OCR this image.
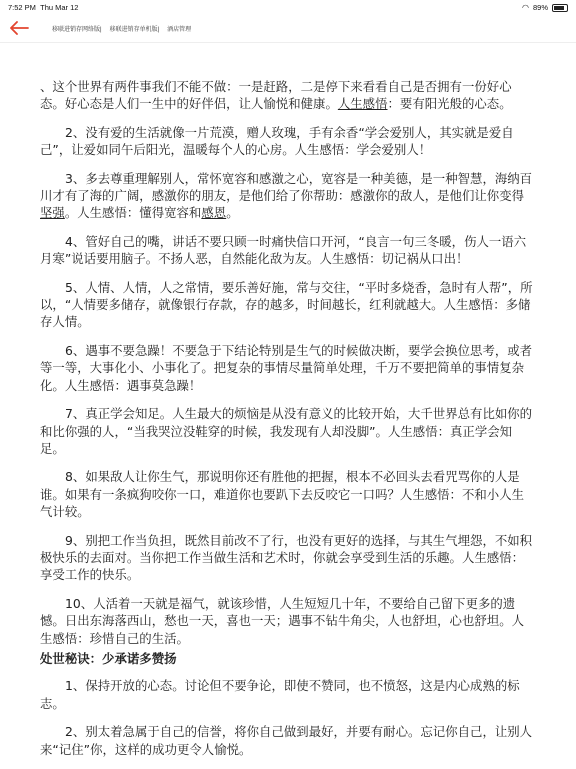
7:52 PM Thu Mar 12	◠ 89%
移联进销存网络版| 移联进销存单机版| 酒店管理

、这个世界有两件事我们不能不做：一是赶路，二是停下来看看自己是否拥有一份好心态。好心态是人们一生中的好伴侣，让人愉悦和健康。人生感悟：要有阳光般的心态。

2、没有爱的生活就像一片荒漠，赠人玫瑰，手有余香“学会爱别人，其实就是爱自己”，让爱如同午后阳光，温暖每个人的心房。人生感悟：学会爱别人！

3、多去尊重理解别人，常怀宽容和感激之心，宽容是一种美德，是一种智慧，海纳百川才有了海的广阔，感激你的朋友，是他们给了你帮助：感激你的敌人，是他们让你变得坚强。人生感悟：懂得宽容和感恩。

4、管好自己的嘴，讲话不要只顾一时痛快信口开河，“良言一句三冬暖，伤人一语六月寒”说话要用脑子。不扬人恶，自然能化敌为友。人生感悟：切记祸从口出！

5、人情、人情，人之常情，要乐善好施，常与交往，“平时多烧香，急时有人帮”，所以，“人情要多储存，就像银行存款，存的越多，时间越长，红利就越大。人生感悟：多储存人情。

6、遇事不要急躁！不要急于下结论特别是生气的时候做决断，要学会换位思考，或者等一等，大事化小、小事化了。把复杂的事情尽量简单处理，千万不要把简单的事情复杂化。人生感悟：遇事莫急躁！

7、真正学会知足。人生最大的烦恼是从没有意义的比较开始，大千世界总有比如你的和比你强的人，“当我哭泣没鞋穿的时候，我发现有人却没脚”。人生感悟：真正学会知足。

8、如果敌人让你生气，那说明你还有胜他的把握，根本不必回头去看咒骂你的人是谁。如果有一条疯狗咬你一口，难道你也要趴下去反咬它一口吗？人生感悟：不和小人生气计较。

9、别把工作当负担，既然目前改不了行，也没有更好的选择，与其生气埋怨，不如积极快乐的去面对。当你把工作当做生活和艺术时，你就会享受到生活的乐趣。人生感悟：享受工作的快乐。

10、人活着一天就是福气，就该珍惜，人生短短几十年，不要给自己留下更多的遗憾。日出东海落西山，愁也一天，喜也一天；遇事不钻牛角尖，人也舒坦，心也舒坦。人生感悟：珍惜自己的生活。

处世秘诀：少承诺多赞扬

1、保持开放的心态。讨论但不要争论，即使不赞同，也不愤怒，这是内心成熟的标志。

2、别太着急属于自己的信誉，将你自己做到最好，并要有耐心。忘记你自己，让别人来“记住”你，这样的成功更令人愉悦。
